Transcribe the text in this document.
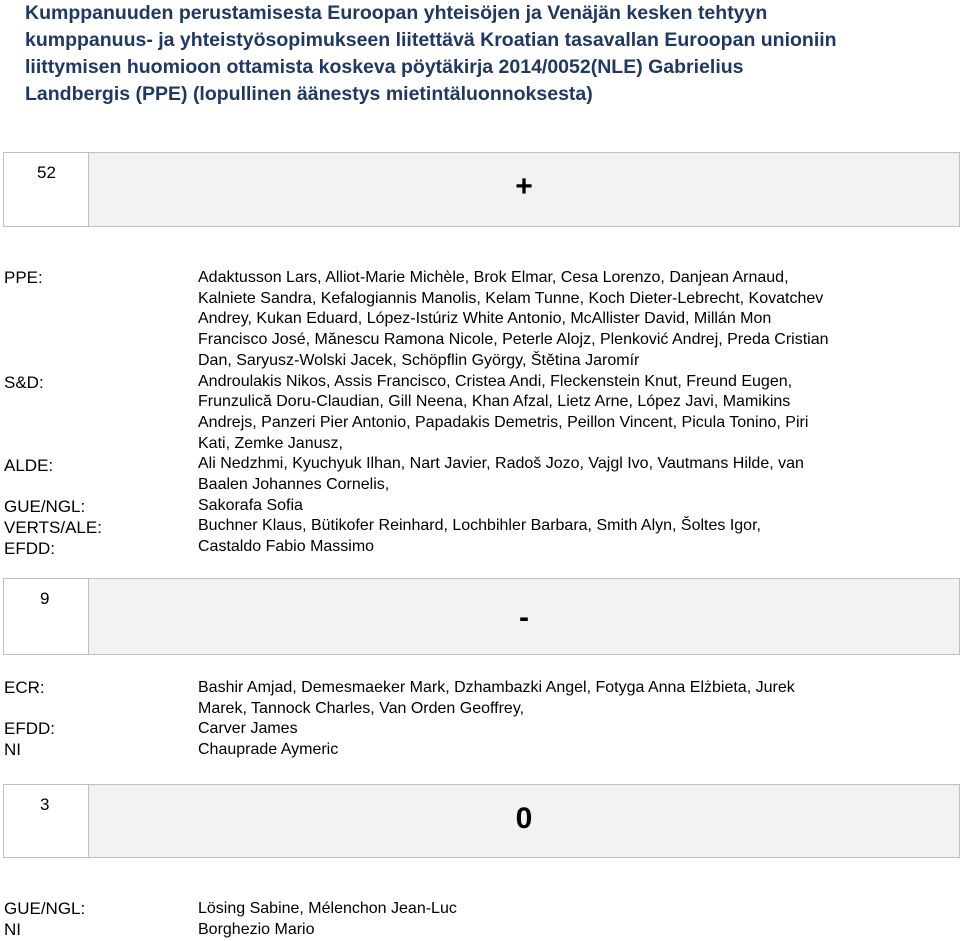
Kumppanuuden perustamisesta Euroopan yhteisöjen ja Venäjän kesken tehtyyn
kumppanuus- ja yhteistyösopimukseen liitettävä Kroatian tasavallan Euroopan unioniin
liittymisen huomioon ottamista koskeva pöytäkirja 2014/0052(NLE) Gabrielius
Landbergis (PPE) (lopullinen äänestys mietintäluonnoksesta)
52	+
PPE:
S&D:
ALDE:
GUE/NGL:
VERTS/ALE:
EFDD:
Adaktusson Lars, Alliot-Marie Michèle, Brok Elmar, Cesa Lorenzo, Danjean Arnaud,
Kalniete Sandra, Kefalogiannis Manolis, Kelam Tunne, Koch Dieter-Lebrecht, Kovatchev
Andrey, Kukan Eduard, López-Istúriz White Antonio, McAllister David, Millán Mon
Francisco José, Mănescu Ramona Nicole, Peterle Alojz, Plenković Andrej, Preda Cristian
Dan, Saryusz-Wolski Jacek, Schöpflin György, Štětina Jaromír
Androulakis Nikos, Assis Francisco, Cristea Andi, Fleckenstein Knut, Freund Eugen,
Frunzulică Doru-Claudian, Gill Neena, Khan Afzal, Lietz Arne, López Javi, Mamikins
Andrejs, Panzeri Pier Antonio, Papadakis Demetris, Peillon Vincent, Picula Tonino, Piri
Kati, Zemke Janusz,
Ali Nedzhmi, Kyuchyuk Ilhan, Nart Javier, Radoš Jozo, Vajgl Ivo, Vautmans Hilde, van
Baalen Johannes Cornelis,
Sakorafa Sofia
Buchner Klaus, Bütikofer Reinhard, Lochbihler Barbara, Smith Alyn, Šoltes Igor,
Castaldo Fabio Massimo
9
-
ECR:
EFDD:
NI
Bashir Amjad, Demesmaeker Mark, Dzhambazki Angel, Fotyga Anna Elżbieta, Jurek
Marek, Tannock Charles, Van Orden Geoffrey,
Carver James
Chauprade Aymeric
3	0
GUE/NGL:
NI
Lösing Sabine, Mélenchon Jean-Luc
Borghezio Mario
